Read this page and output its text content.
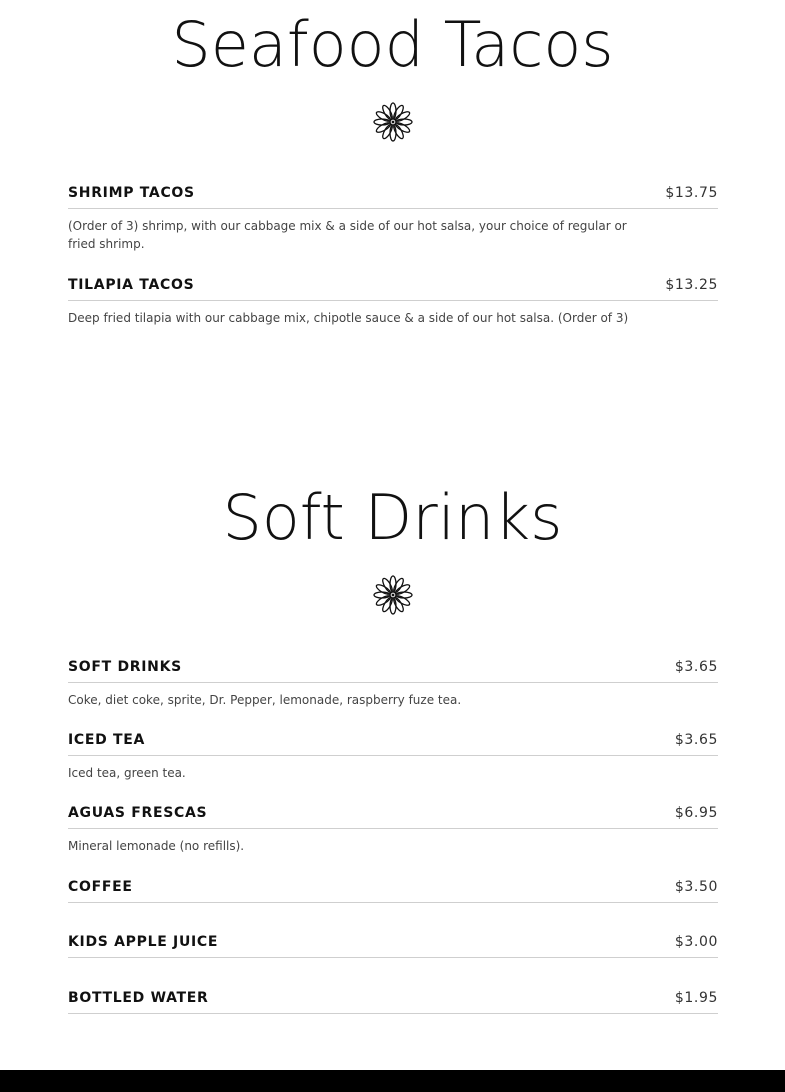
Seafood Tacos
SHRIMP TACOS	$13.75
(Order of 3) shrimp, with our cabbage mix & a side of our hot salsa, your choice of regular or fried shrimp.
TILAPIA TACOS	$13.25
Deep fried tilapia with our cabbage mix, chipotle sauce & a side of our hot salsa. (Order of 3)
Soft Drinks
SOFT DRINKS	$3.65
Coke, diet coke, sprite, Dr. Pepper, lemonade, raspberry fuze tea.
ICED TEA	$3.65
Iced tea, green tea.
AGUAS FRESCAS	$6.95
Mineral lemonade (no refills).
COFFEE	$3.50
KIDS APPLE JUICE	$3.00
BOTTLED WATER	$1.95
